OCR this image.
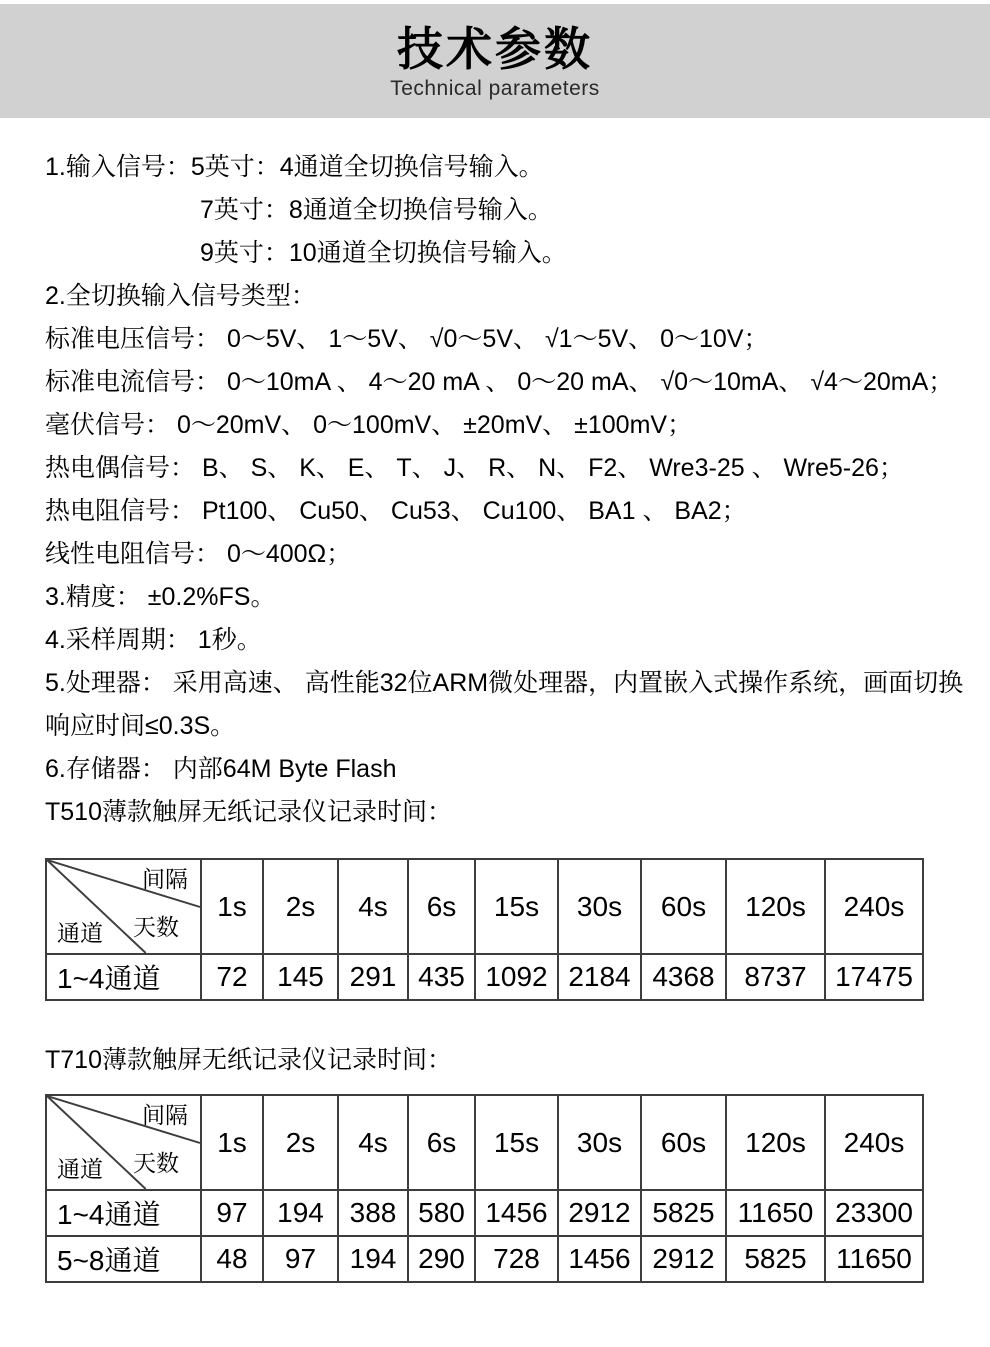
技术参数
Technical parameters

1.输入信号：5英寸：4通道全切换信号输入。

7英寸：8通道全切换信号输入。

9英寸：10通道全切换信号输入。

2.全切换输入信号类型：

标准电压信号： 0～5V、 1～5V、 √0～5V、 √1～5V、 0～10V；

标准电流信号： 0～10mA 、 4～20 mA 、 0～20 mA、 √0～10mA、 √4～20mA；

毫伏信号： 0～20mV、 0～100mV、 ±20mV、 ±100mV；

热电偶信号： B、 S、 K、 E、 T、 J、 R、 N、 F2、 Wre3-25 、 Wre5-26；

热电阻信号： Pt100、 Cu50、 Cu53、 Cu100、 BA1 、 BA2；

线性电阻信号： 0～400Ω；

3.精度： ±0.2%FS。

4.采样周期： 1秒。

5.处理器： 采用高速、 高性能32位ARM微处理器，内置嵌入式操作系统，画面切换

响应时间≤0.3S。

6.存储器： 内部64M Byte Flash

T510薄款触屏无纸记录仪记录时间：

间隔
天数
通道	1s	2s	4s	6s	15s	30s	60s	120s	240s
1~4通道	72	145	291	435	1092	2184	4368	8737	17475

T710薄款触屏无纸记录仪记录时间：

间隔
天数
通道	1s	2s	4s	6s	15s	30s	60s	120s	240s
1~4通道	97	194	388	580	1456	2912	5825	11650	23300
5~8通道	48	97	194	290	728	1456	2912	5825	11650
